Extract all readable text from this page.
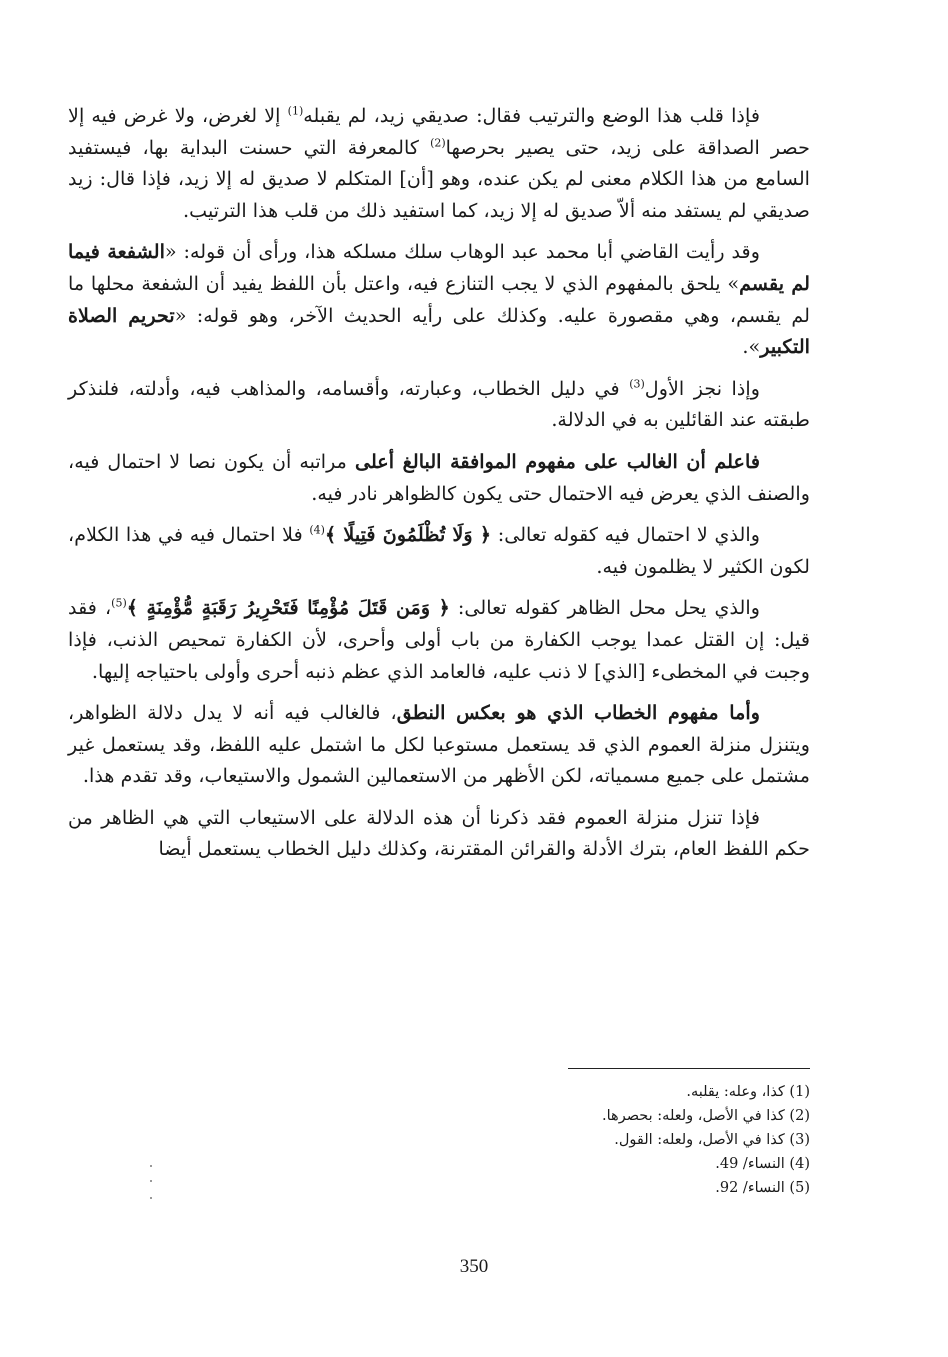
فإذا قلب هذا الوضع والترتيب فقال: صديقي زيد، لم يقبله$^{(1)}$ إلا لغرض، ولا غرض فيه إلا حصر الصداقة على زيد، حتى يصير بحرصها$^{(2)}$ كالمعرفة التي حسنت البداية بها، فيستفيد السامع من هذا الكلام معنى لم يكن عنده، وهو [أن] المتكلم لا صديق له إلا زيد، فإذا قال: زيد صديقي لم يستفد منه ألاّ صديق له إلا زيد، كما استفيد ذلك من قلب هذا الترتيب.
وقد رأيت القاضي أبا محمد عبد الوهاب سلك مسلكه هذا، ورأى أن قوله: «الشفعة فيما لم يقسم» يلحق بالمفهوم الذي لا يجب التنازع فيه، واعتل بأن اللفظ يفيد أن الشفعة محلها ما لم يقسم، وهي مقصورة عليه. وكذلك على رأيه الحديث الآخر، وهو قوله: «تحريم الصلاة التكبير».
وإذا نجز الأول$^{(3)}$ في دليل الخطاب، وعبارته، وأقسامه، والمذاهب فيه، وأدلته، فلنذكر طبقته عند القائلين به في الدلالة.
فاعلم أن الغالب على مفهوم الموافقة البالغ أعلى مراتبه أن يكون نصا لا احتمال فيه، والصنف الذي يعرض فيه الاحتمال حتى يكون كالظواهر نادر فيه.
والذي لا احتمال فيه كقوله تعالى: ﴿ وَلَا تُظْلَمُونَ فَتِيلًا ﴾$^{(4)}$ فلا احتمال فيه في هذا الكلام، لكون الكثير لا يظلمون فيه.
والذي يحل محل الظاهر كقوله تعالى: ﴿ وَمَن قَتَلَ مُؤْمِنًا فَتَحْرِيرُ رَقَبَةٍ مُّؤْمِنَةٍ ﴾$^{(5)}$، فقد قيل: إن القتل عمدا يوجب الكفارة من باب أولى وأحرى، لأن الكفارة تمحيص الذنب، فإذا وجبت في المخطىء [الذي] لا ذنب عليه، فالعامد الذي عظم ذنبه أحرى وأولى باحتياجه إليها.
وأما مفهوم الخطاب الذي هو بعكس النطق، فالغالب فيه أنه لا يدل دلالة الظواهر، ويتنزل منزلة العموم الذي قد يستعمل مستوعبا لكل ما اشتمل عليه اللفظ، وقد يستعمل غير مشتمل على جميع مسمياته، لكن الأظهر من الاستعمالين الشمول والاستيعاب، وقد تقدم هذا.
فإذا تنزل منزلة العموم فقد ذكرنا أن هذه الدلالة على الاستيعاب التي هي الظاهر من حكم اللفظ العام، بترك الأدلة والقرائن المقترنة، وكذلك دليل الخطاب يستعمل أيضا
(1) كذا، وعله: يقلبه.
(2) كذا في الأصل، ولعله: بحصرها.
(3) كذا في الأصل، ولعله: القول.
(4) النساء/ 49.
(5) النساء/ 92.
350
